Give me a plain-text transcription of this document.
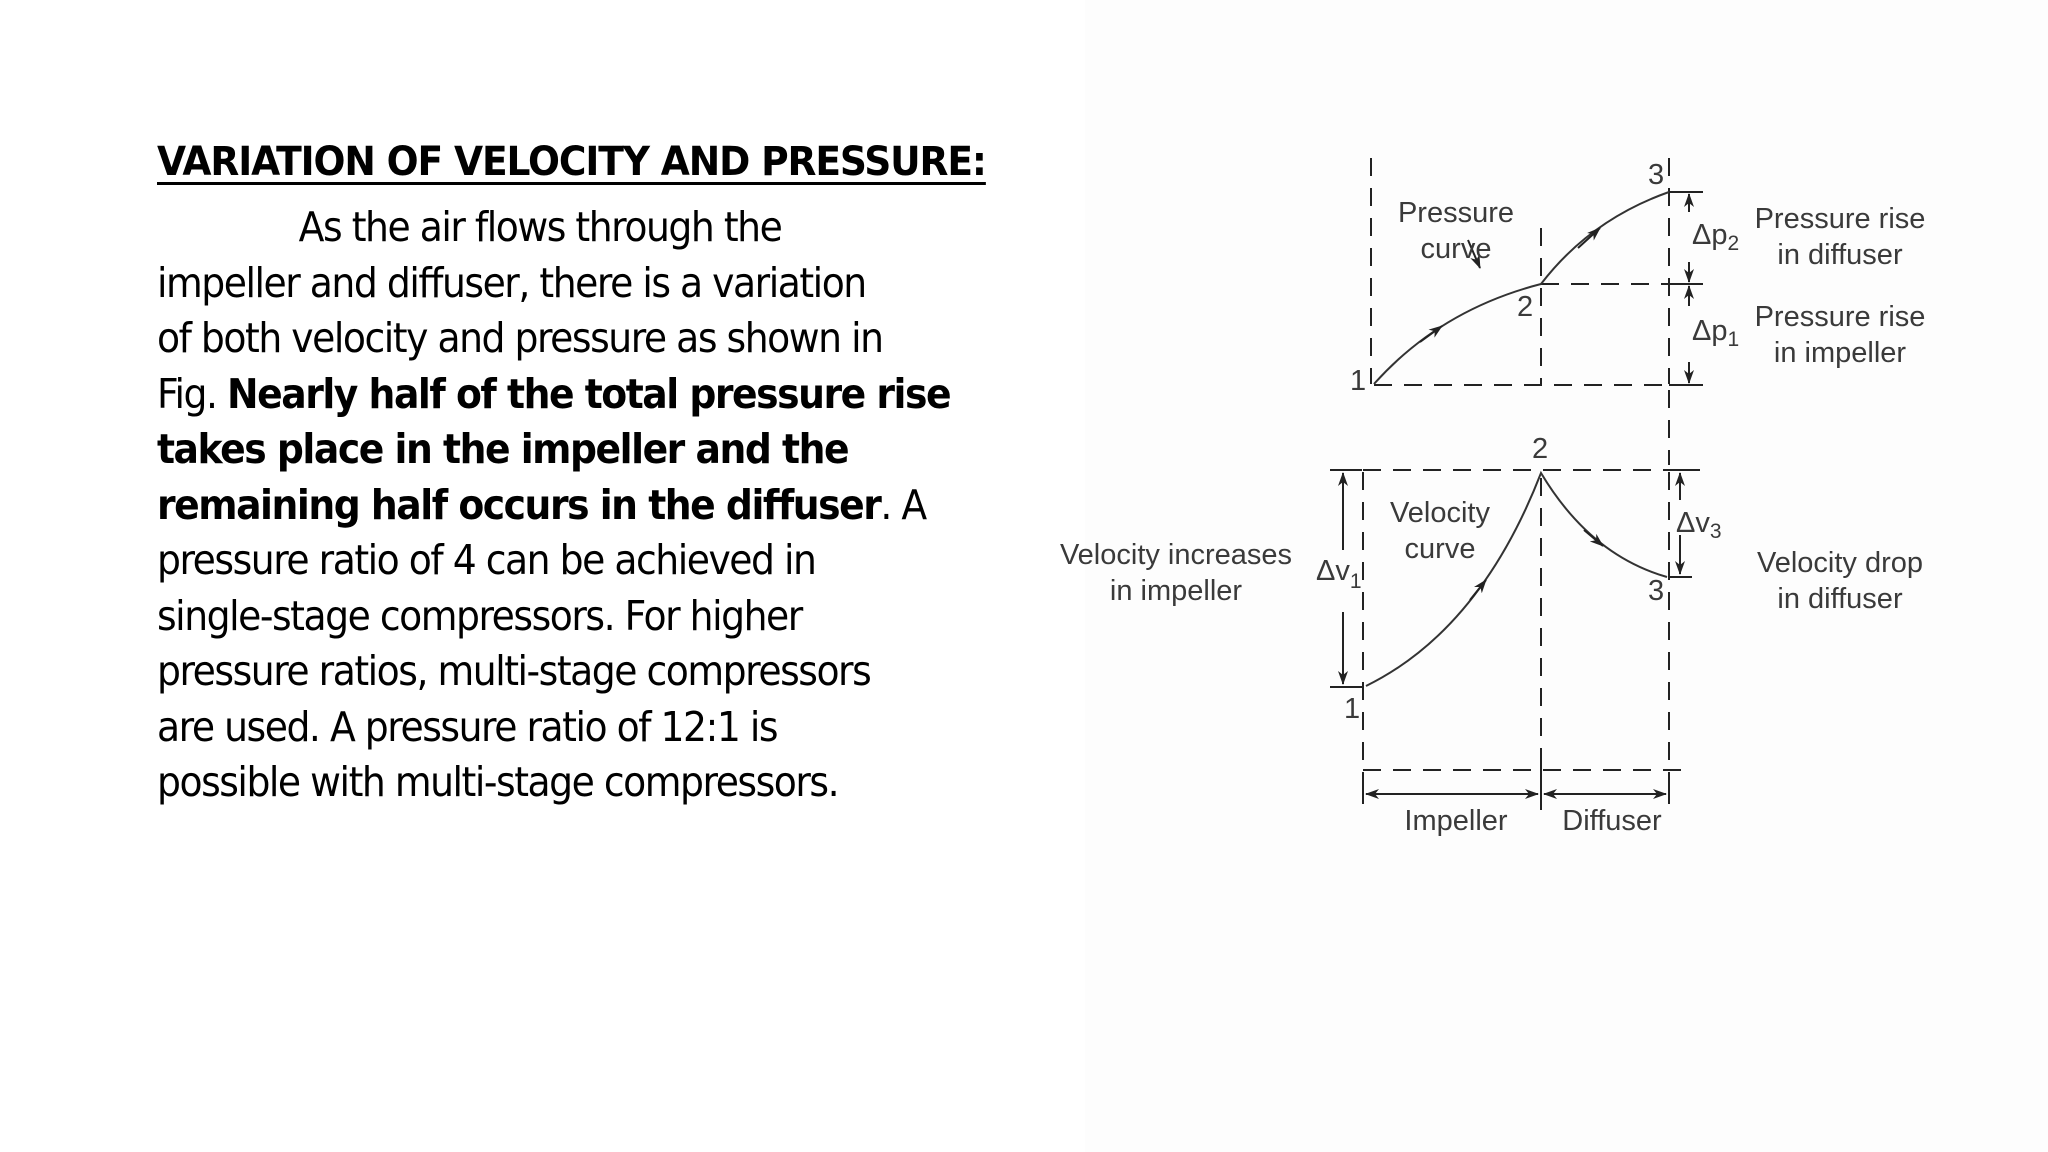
VARIATION OF VELOCITY AND PRESSURE:
As the air flows through the
impeller and diffuser, there is a variation
of both velocity and pressure as shown in
Fig. Nearly half of the total pressure rise
takes place in the impeller and the
remaining half occurs in the diffuser. A
pressure ratio of 4 can be achieved in
single-stage compressors. For higher
pressure ratios, multi-stage compressors
are used. A pressure ratio of 12:1 is
possible with multi-stage compressors.
Pressure
curve
1
2
3
$\Delta p_2$
$\Delta p_1$
Pressure rise
in diffuser
Pressure rise
in impeller
Velocity
curve
1
2
3
$\Delta v_1$
$\Delta v_3$
Velocity increases
in impeller
Velocity drop
in diffuser
Impeller Diffuser
